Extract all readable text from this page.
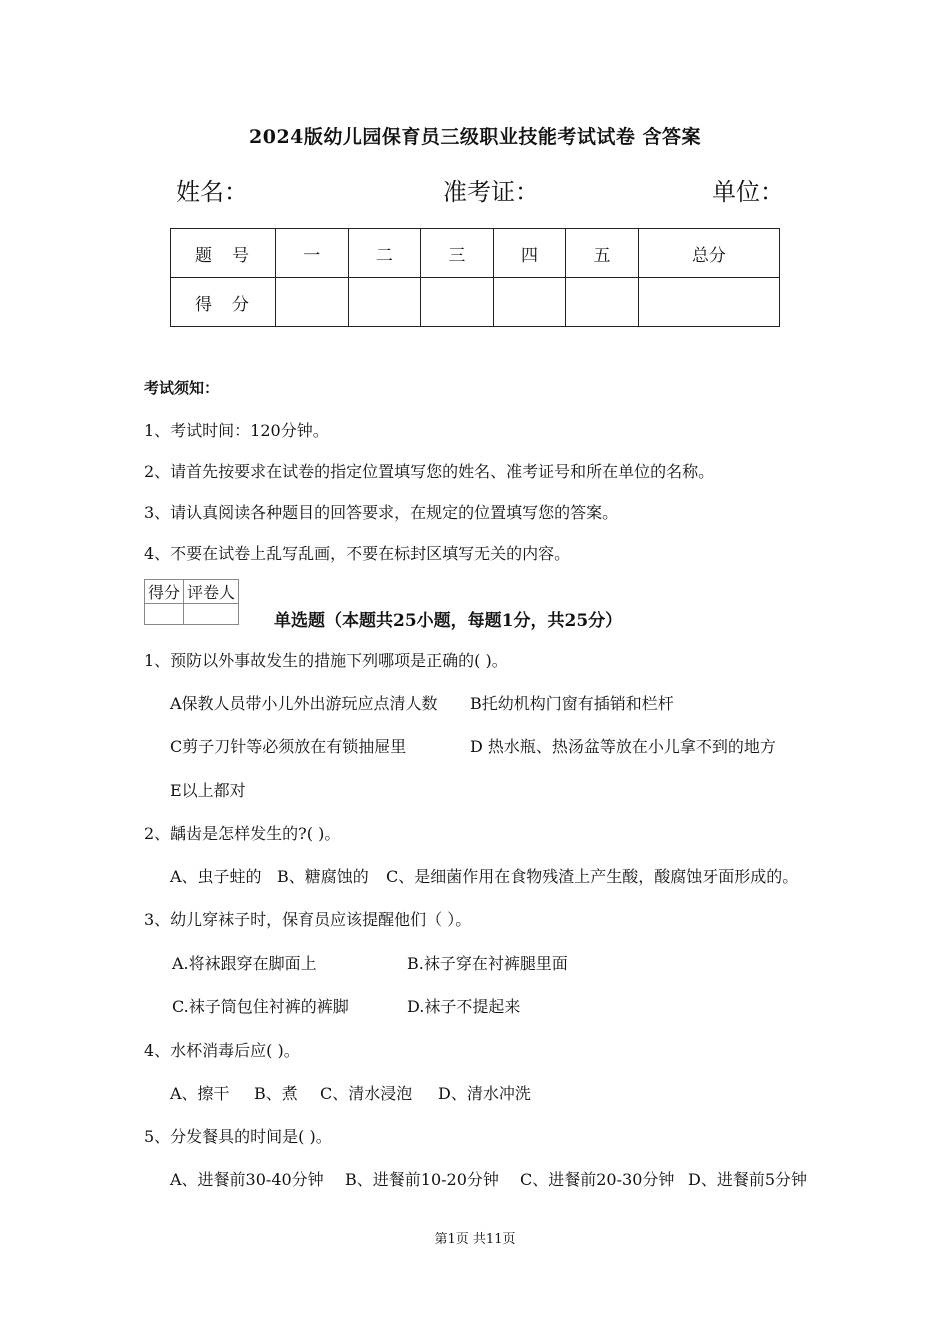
2024版幼儿园保育员三级职业技能考试试卷 含答案
姓名：	准考证：	单位：
题号	一	二	三	四	五	总分
得分						
考试须知：
1、考试时间：120分钟。
2、请首先按要求在试卷的指定位置填写您的姓名、准考证号和所在单位的名称。
3、请认真阅读各种题目的回答要求，在规定的位置填写您的答案。
4、不要在试卷上乱写乱画，不要在标封区填写无关的内容。
得分	评卷人

单选题（本题共25小题，每题1分，共25分）
1、预防以外事故发生的措施下列哪项是正确的( )。
A保教人员带小儿外出游玩应点清人数 B托幼机构门窗有插销和栏杆
C剪子刀针等必须放在有锁抽屉里	D 热水瓶、热汤盆等放在小儿拿不到的地方
E以上都对
2、龋齿是怎样发生的?( )。
A、虫子蛀的 B、糖腐蚀的 C、是细菌作用在食物残渣上产生酸，酸腐蚀牙面形成的。
3、幼儿穿袜子时，保育员应该提醒他们（ ）。
A.将袜跟穿在脚面上	B.袜子穿在衬裤腿里面
C.袜子筒包住衬裤的裤脚	D.袜子不提起来
4、水杯消毒后应( )。
A、擦干 B、煮 C、清水浸泡 D、清水冲洗
5、分发餐具的时间是( )。
A、进餐前30-40分钟 B、进餐前10-20分钟 C、进餐前20-30分钟 D、进餐前5分钟
第1页 共11页
